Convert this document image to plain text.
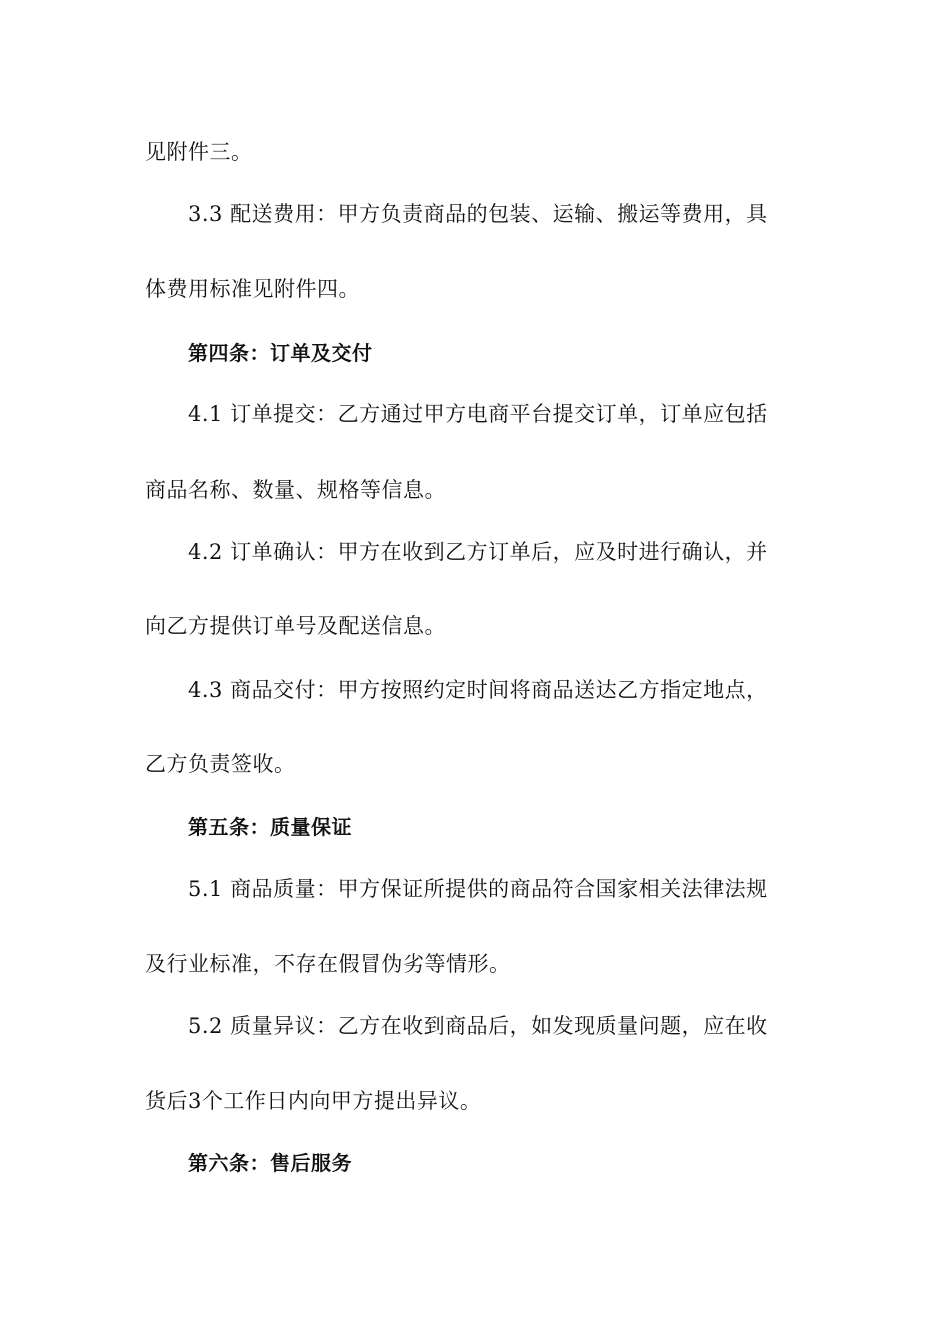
见附件三。
3.3 配送费用：甲方负责商品的包装、运输、搬运等费用，具
体费用标准见附件四。
第四条：订单及交付
4.1 订单提交：乙方通过甲方电商平台提交订单，订单应包括
商品名称、数量、规格等信息。
4.2 订单确认：甲方在收到乙方订单后，应及时进行确认，并
向乙方提供订单号及配送信息。
4.3 商品交付：甲方按照约定时间将商品送达乙方指定地点，
乙方负责签收。
第五条：质量保证
5.1 商品质量：甲方保证所提供的商品符合国家相关法律法规
及行业标准，不存在假冒伪劣等情形。
5.2 质量异议：乙方在收到商品后，如发现质量问题，应在收
货后3个工作日内向甲方提出异议。
第六条：售后服务
